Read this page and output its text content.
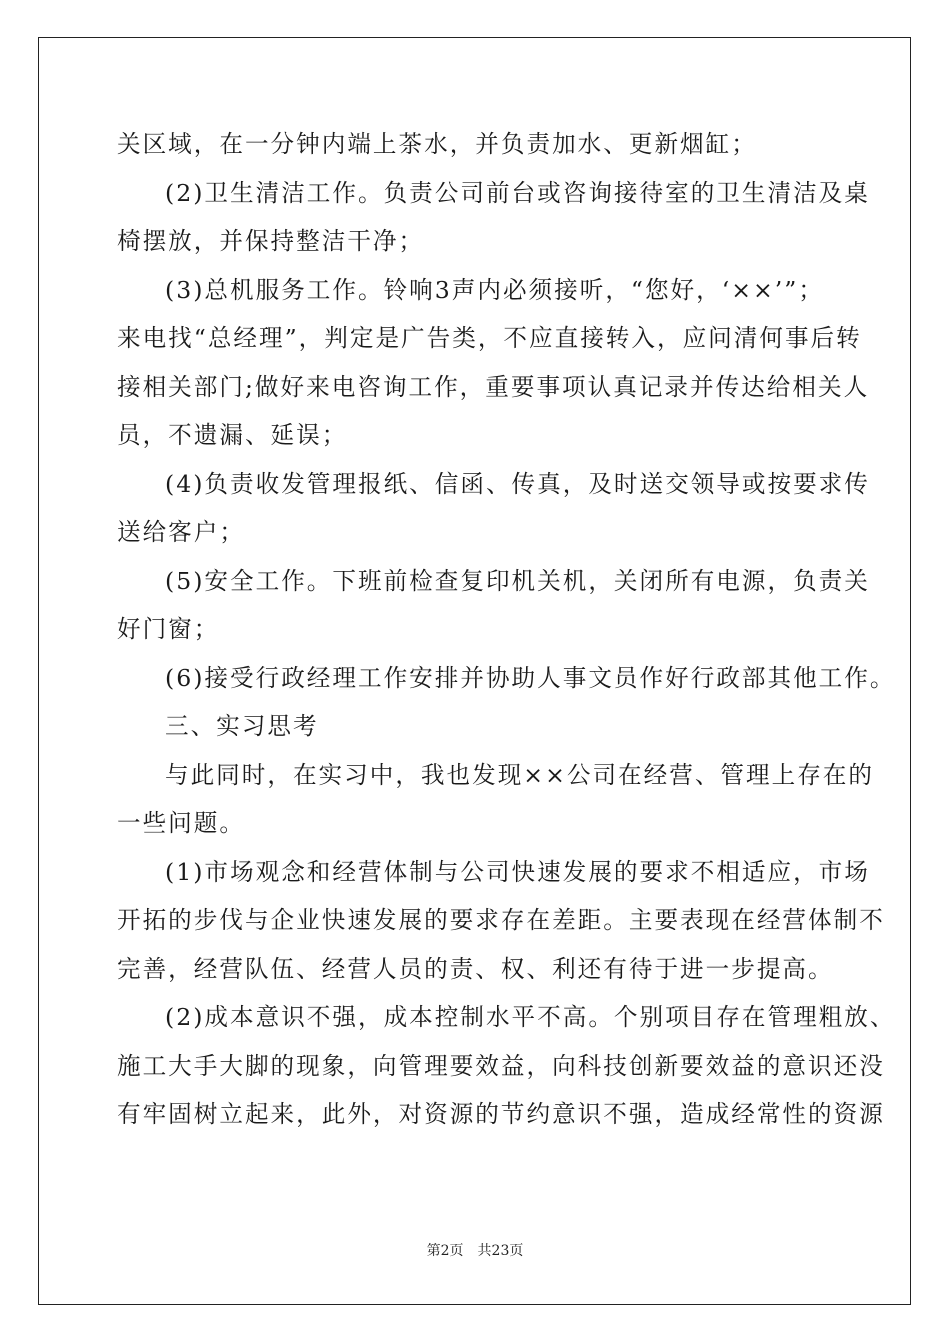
关区域，在一分钟内端上茶水，并负责加水、更新烟缸；
(2)卫生清洁工作。负责公司前台或咨询接待室的卫生清洁及桌
椅摆放，并保持整洁干净；
(3)总机服务工作。铃响3声内必须接听，“您好，‘××’”；
来电找“总经理”，判定是广告类，不应直接转入，应问清何事后转
接相关部门;做好来电咨询工作，重要事项认真记录并传达给相关人
员，不遗漏、延误；
(4)负责收发管理报纸、信函、传真，及时送交领导或按要求传
送给客户；
(5)安全工作。下班前检查复印机关机，关闭所有电源，负责关
好门窗；
(6)接受行政经理工作安排并协助人事文员作好行政部其他工作。
三、实习思考
与此同时，在实习中，我也发现××公司在经营、管理上存在的
一些问题。
(1)市场观念和经营体制与公司快速发展的要求不相适应，市场
开拓的步伐与企业快速发展的要求存在差距。主要表现在经营体制不
完善，经营队伍、经营人员的责、权、利还有待于进一步提高。
(2)成本意识不强，成本控制水平不高。个别项目存在管理粗放、
施工大手大脚的现象，向管理要效益，向科技创新要效益的意识还没
有牢固树立起来，此外，对资源的节约意识不强，造成经常性的资源
第2页 共23页
